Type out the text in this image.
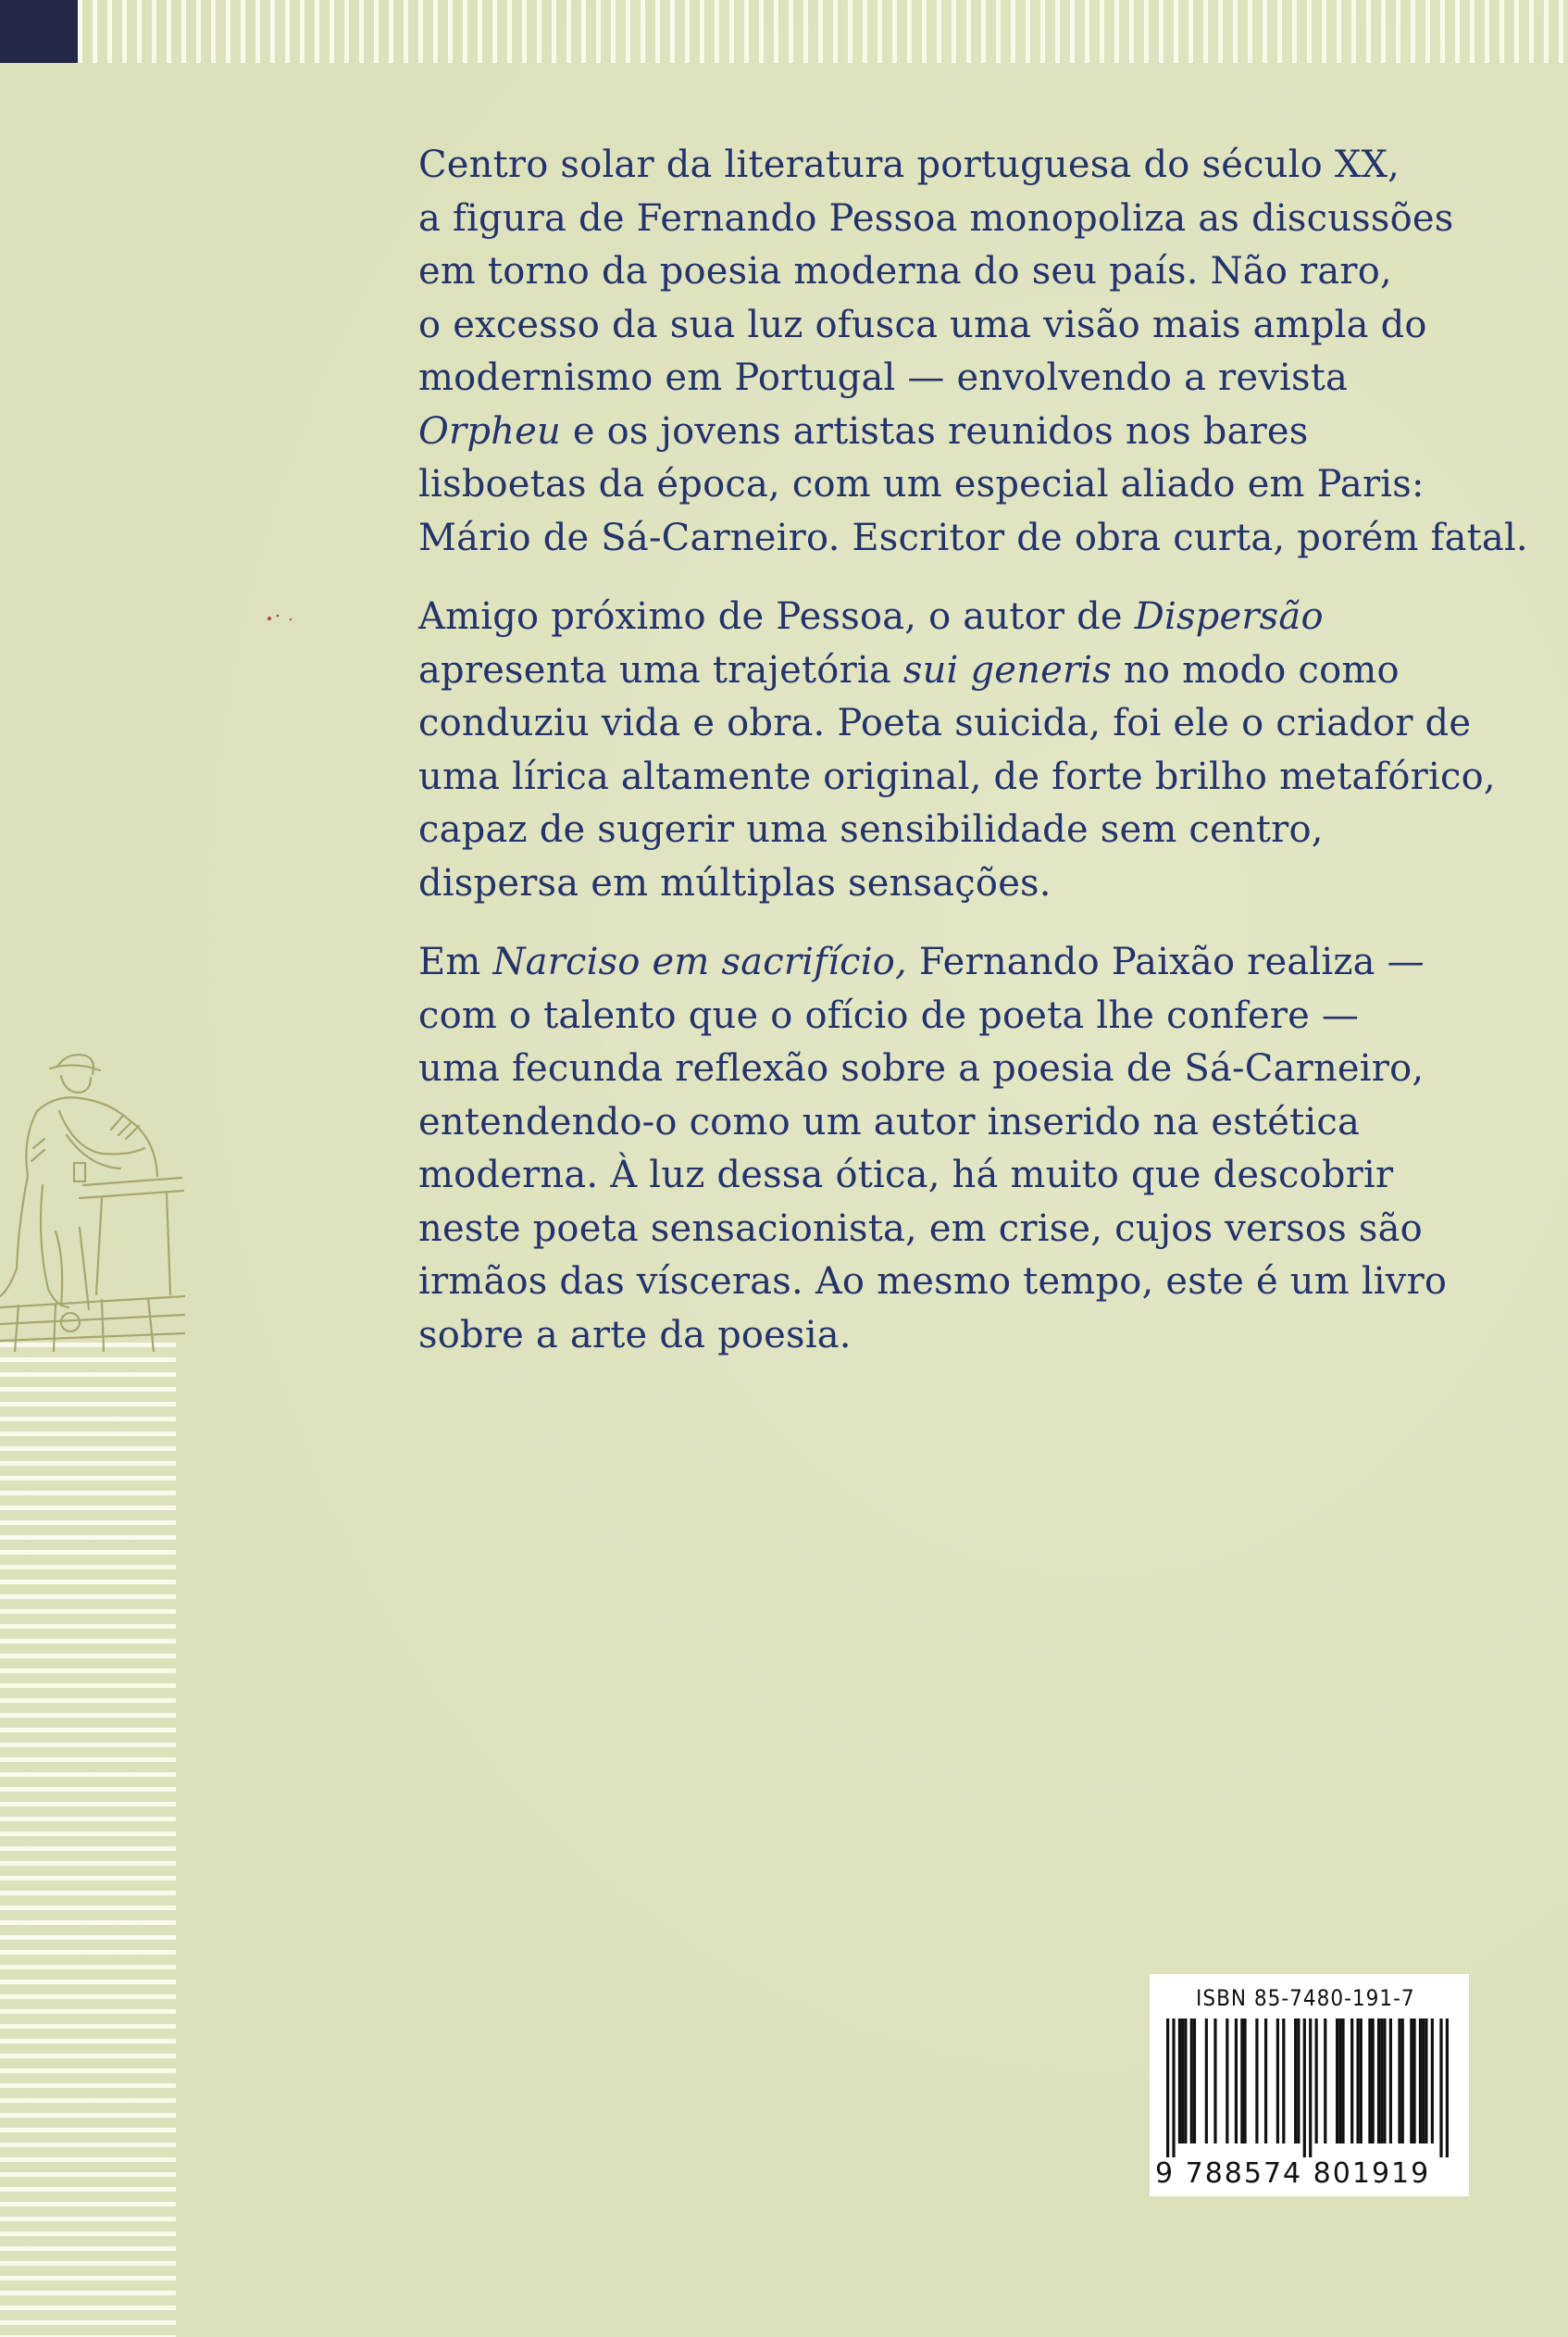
Centro solar da literatura portuguesa do século XX,
a figura de Fernando Pessoa monopoliza as discussões
em torno da poesia moderna do seu país. Não raro,
o excesso da sua luz ofusca uma visão mais ampla do
modernismo em Portugal — envolvendo a revista
Orpheu e os jovens artistas reunidos nos bares
lisboetas da época, com um especial aliado em Paris:
Mário de Sá-Carneiro. Escritor de obra curta, porém fatal.

Amigo próximo de Pessoa, o autor de Dispersão
apresenta uma trajetória sui generis no modo como
conduziu vida e obra. Poeta suicida, foi ele o criador de
uma lírica altamente original, de forte brilho metafórico,
capaz de sugerir uma sensibilidade sem centro,
dispersa em múltiplas sensações.

Em Narciso em sacrifício, Fernando Paixão realiza —
com o talento que o ofício de poeta lhe confere —
uma fecunda reflexão sobre a poesia de Sá-Carneiro,
entendendo-o como um autor inserido na estética
moderna. À luz dessa ótica, há muito que descobrir
neste poeta sensacionista, em crise, cujos versos são
irmãos das vísceras. Ao mesmo tempo, este é um livro
sobre a arte da poesia.

ISBN 85-7480-191-7
9 788574 801919
